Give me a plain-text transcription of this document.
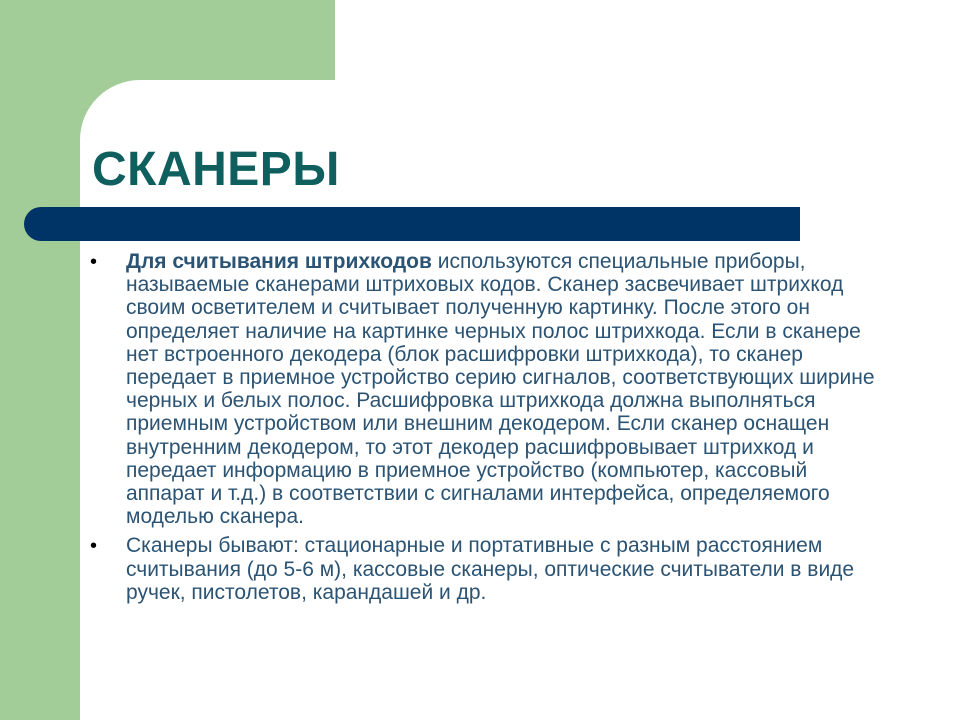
СКАНЕРЫ
• Для считывания штрихкодов используются специальные приборы, называемые сканерами штриховых кодов. Сканер засвечивает штрихкод своим осветителем и считывает полученную картинку. После этого он определяет наличие на картинке черных полос штрихкода. Если в сканере нет встроенного декодера (блок расшифровки штрихкода), то сканер передает в приемное устройство серию сигналов, соответствующих ширине черных и белых полос. Расшифровка штрихкода должна выполняться приемным устройством или внешним декодером. Если сканер оснащен внутренним декодером, то этот декодер расшифровывает штрихкод и передает информацию в приемное устройство (компьютер, кассовый аппарат и т.д.) в соответствии с сигналами интерфейса, определяемого моделью сканера.
• Сканеры бывают: стационарные и портативные с разным расстоянием считывания (до 5-6 м), кассовые сканеры, оптические считыватели в виде ручек, пистолетов, карандашей и др.
